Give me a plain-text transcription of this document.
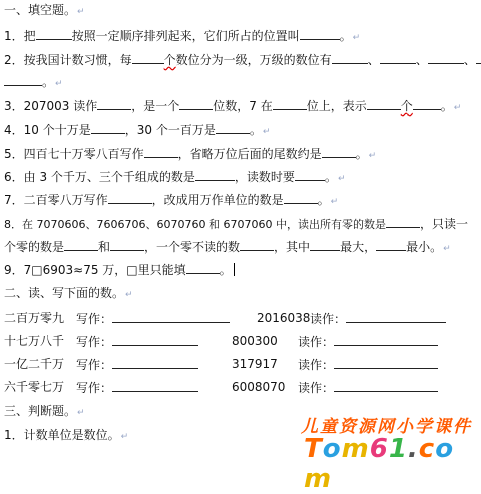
一、填空题。↵
1．把	按照一定顺序排列起来，它们所占的位置叫	。↵
2．按我国计数习惯，每	个数位分为一级，万级的数位有	、	、	、
。↵
3．207003 读作	，是一个	位数，7 在	位上，表示	个 。↵
4．10 个十万是	，30 个一百万是	。↵
5．四百七十万零八百写作	，省略万位后面的尾数约是	。↵
6．由 3 个千万、三个千组成的数是	，读数时要	。↵
7．二百零八万写作	，改成用万作单位的数是	。↵
8．在 7070606、7606706、6070760 和 6707060 中，读出所有零的数是	，只读一
个零的数是	和	，一个零不读的数	，其中	最大，	最小。↵
9．7□6903≈75 万，□里只能填	。
二、读、写下面的数。↵
二百万零九 写作：	2016038 读作：
十七万八千 写作：	800300 读作：
一亿二千万 写作：	317917 读作：
六千零七万 写作：	6008070 读作：
三、判断题。↵
1．计数单位是数位。↵	儿童资源网小学课件
Tom61.com
